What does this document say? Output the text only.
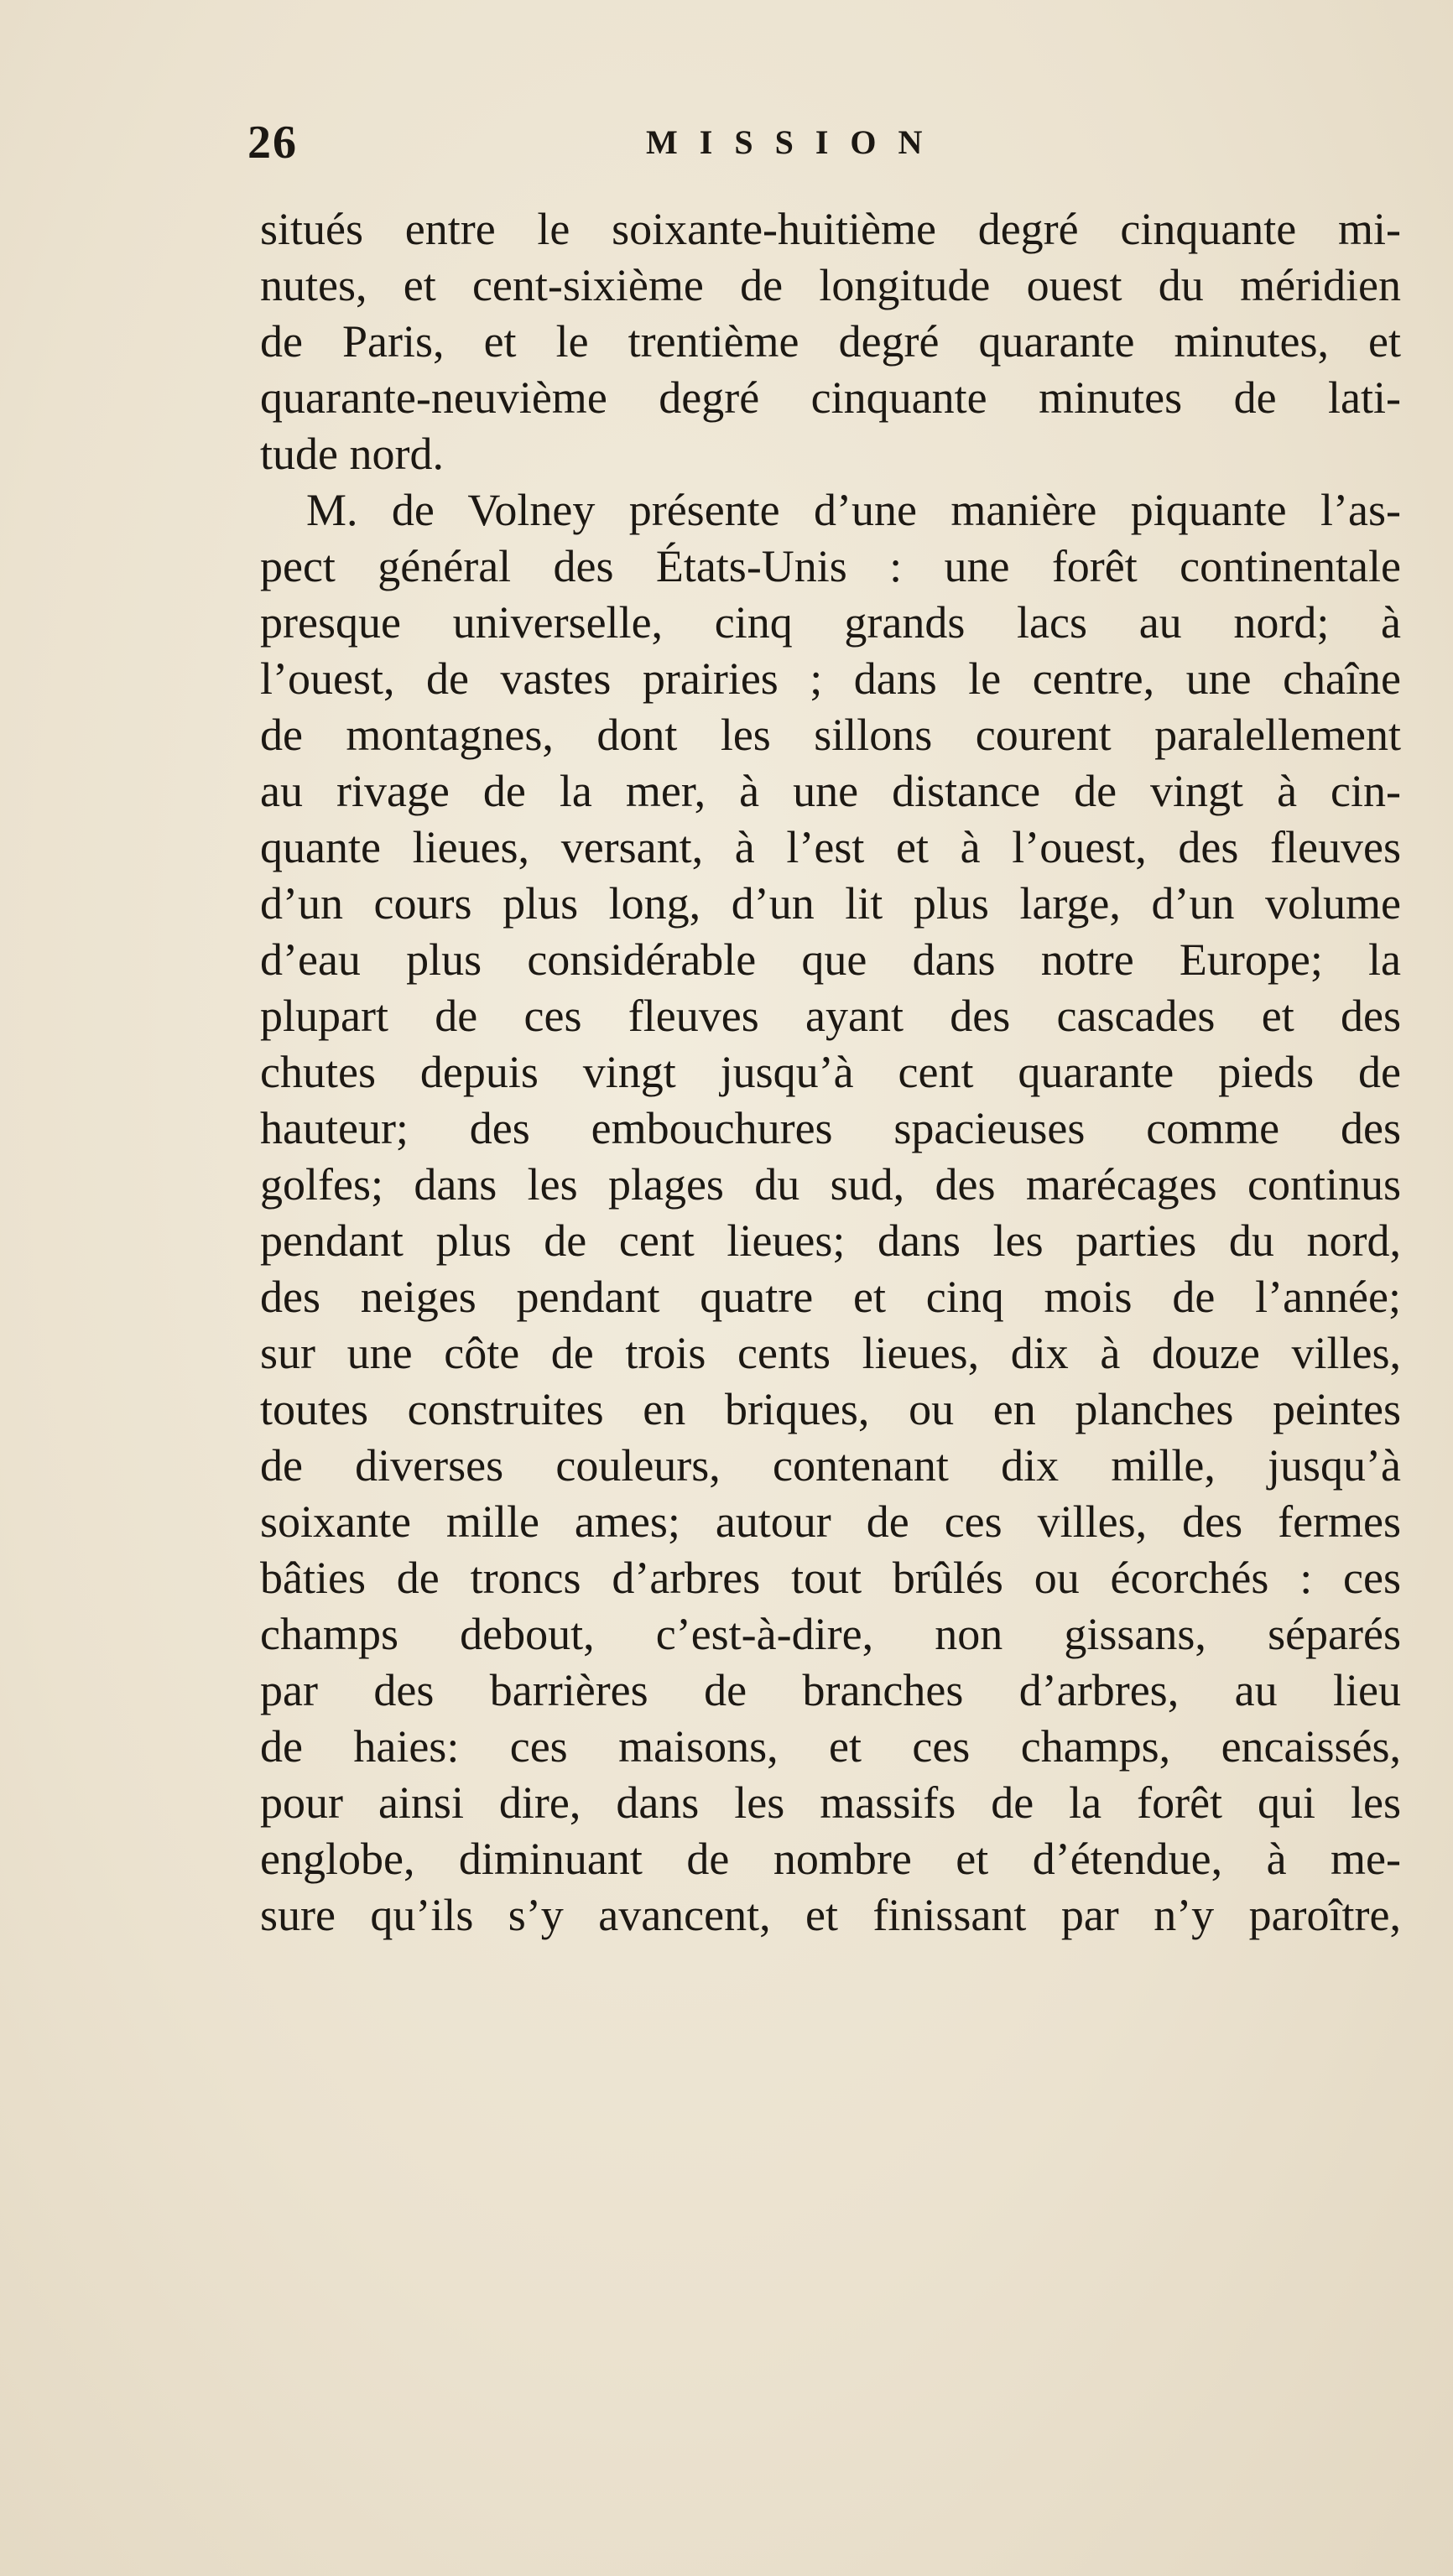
26	MISSION
situés entre le soixante-huitième degré cinquante mi-
nutes, et cent-sixième de longitude ouest du méridien
de Paris, et le trentième degré quarante minutes, et
quarante-neuvième degré cinquante minutes de lati-
tude nord.
M. de Volney présente d’une manière piquante l’as-
pect général des États-Unis : une forêt continentale
presque universelle, cinq grands lacs au nord; à
l’ouest, de vastes prairies ; dans le centre, une chaîne
de montagnes, dont les sillons courent paralellement
au rivage de la mer, à une distance de vingt à cin-
quante lieues, versant, à l’est et à l’ouest, des fleuves
d’un cours plus long, d’un lit plus large, d’un volume
d’eau plus considérable que dans notre Europe; la
plupart de ces fleuves ayant des cascades et des
chutes depuis vingt jusqu’à cent quarante pieds de
hauteur; des embouchures spacieuses comme des
golfes; dans les plages du sud, des marécages continus
pendant plus de cent lieues; dans les parties du nord,
des neiges pendant quatre et cinq mois de l’année;
sur une côte de trois cents lieues, dix à douze villes,
toutes construites en briques, ou en planches peintes
de diverses couleurs, contenant dix mille, jusqu’à
soixante mille ames; autour de ces villes, des fermes
bâties de troncs d’arbres tout brûlés ou écorchés : ces
champs debout, c’est-à-dire, non gissans, séparés
par des barrières de branches d’arbres, au lieu
de haies: ces maisons, et ces champs, encaissés,
pour ainsi dire, dans les massifs de la forêt qui les
englobe, diminuant de nombre et d’étendue, à me-
sure qu’ils s’y avancent, et finissant par n’y paroître,
